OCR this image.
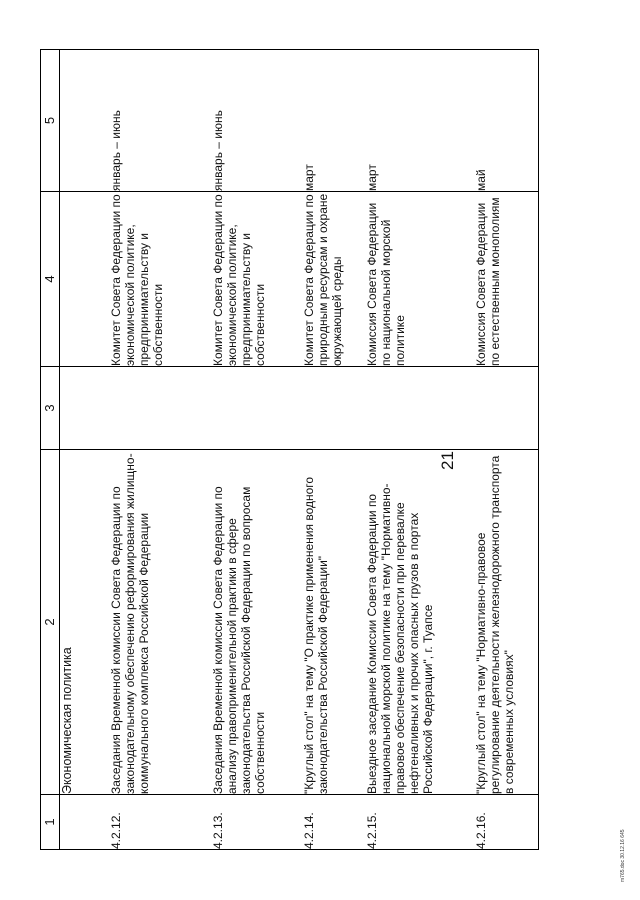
21
1	2	3	4	5
	Экономическая политика			
4.2.12.	Заседания Временной комиссии Совета Федерации по законодательному обеспечению реформирования жилищно-коммунального комплекса Российской Федерации		Комитет Совета Федерации по экономической политике, предпринимательству и собственности	январь – июнь
4.2.13.	Заседания Временной комиссии Совета Федерации по анализу правоприменительной практики в сфере законодательства Российской Федерации по вопросам собственности		Комитет Совета Федерации по экономической политике, предпринимательству и собственности	январь – июнь
4.2.14.	"Круглый стол" на тему "О практике применения водного законодательства Российской Федерации"		Комитет Совета Федерации по природным ресурсам и охране окружающей среды	март
4.2.15.	Выездное заседание Комиссии Совета Федерации по национальной морской политике на тему "Нормативно-правовое обеспечение безопасности при перевалке нефтеналивных и прочих опасных грузов в портах Российской Федерации", г. Туапсе		Комиссия Совета Федерации по национальной морской политике	март
4.2.16.	"Круглый стол" на тему "Нормативно-правовое регулирование деятельности железнодорожного транспорта в современных условиях"		Комиссия Совета Федерации по естественным монополиям	май
m765.doc 30.12.16 645
